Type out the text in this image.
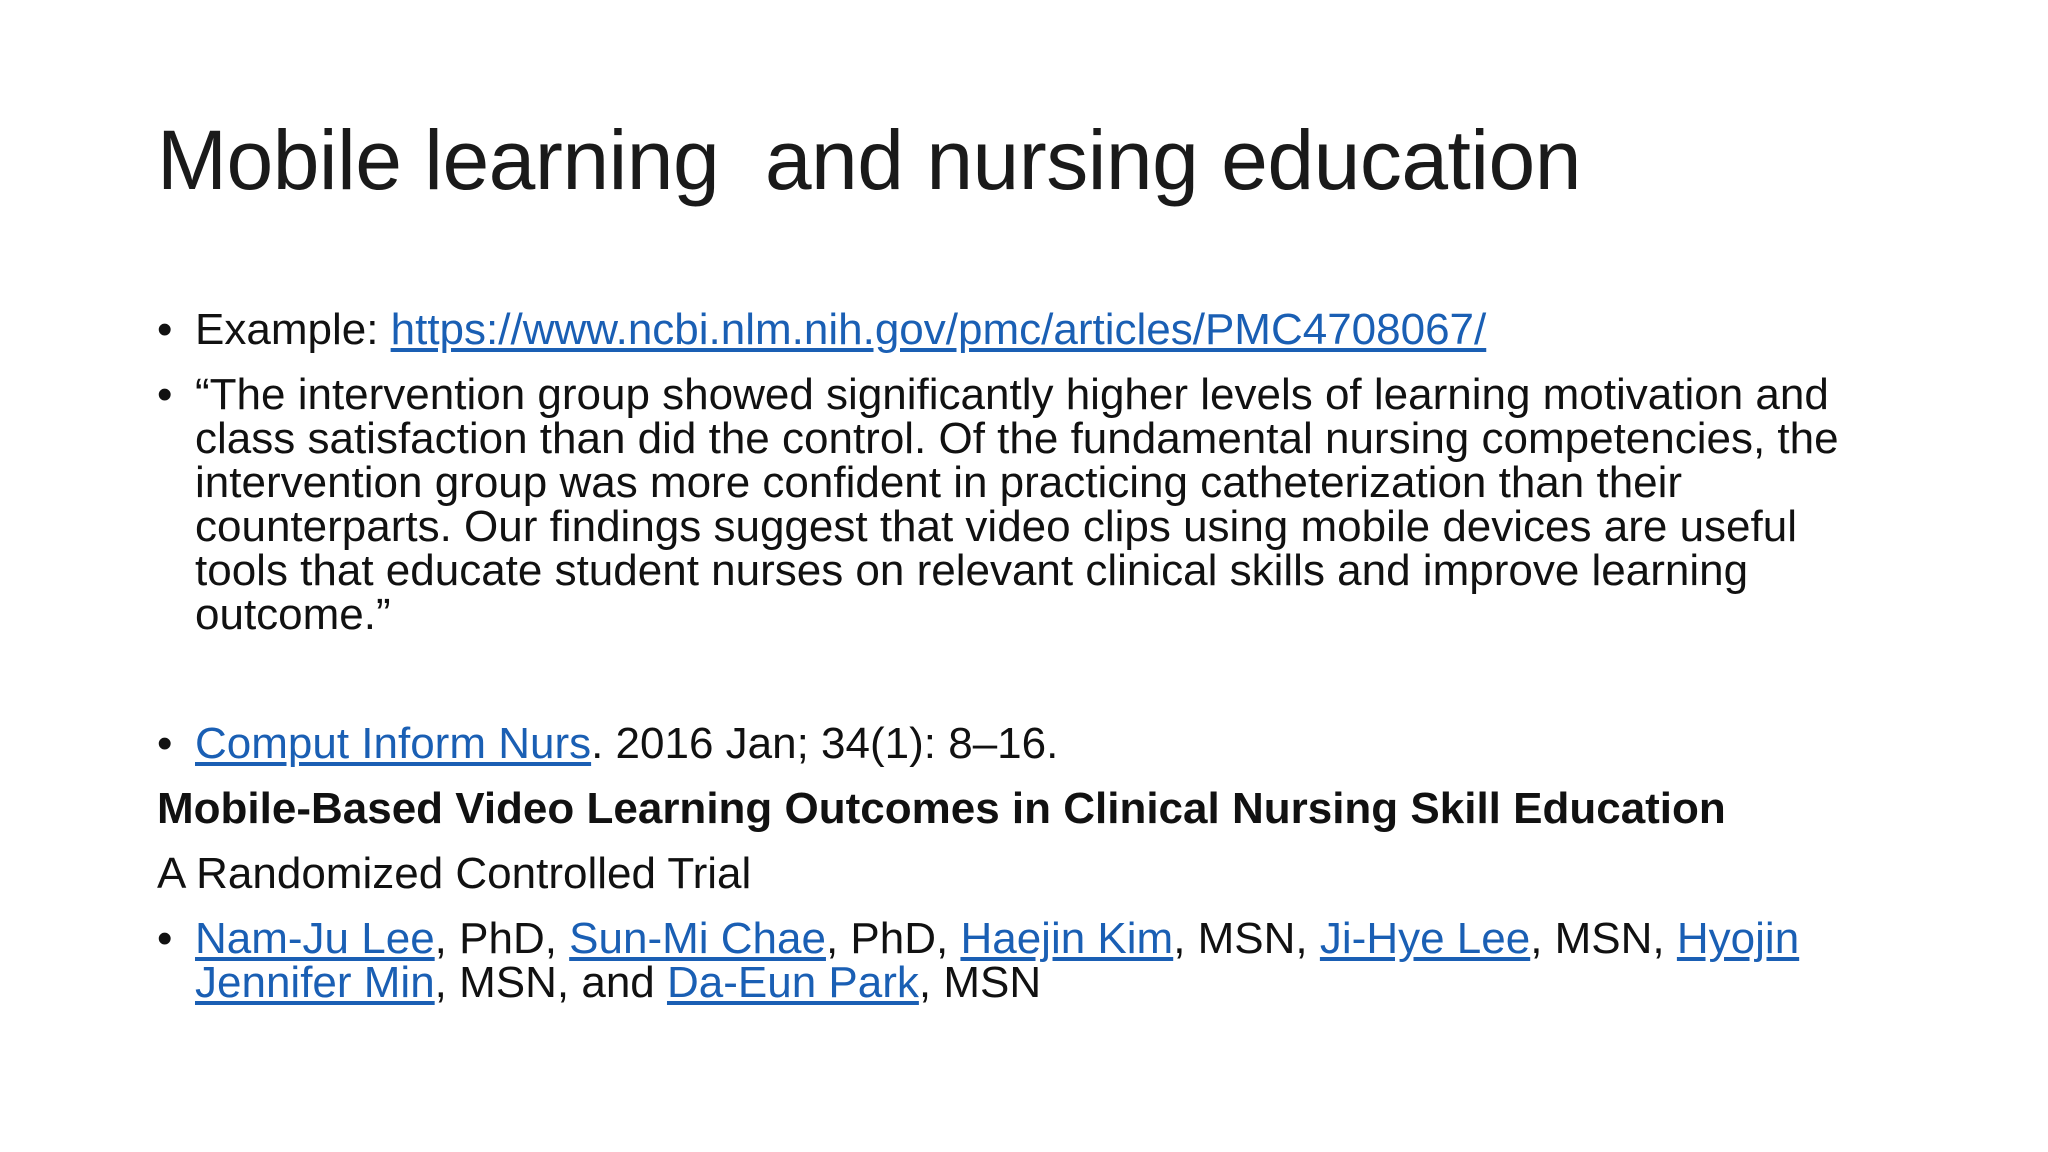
Mobile learning  and nursing education
• Example: https://www.ncbi.nlm.nih.gov/pmc/articles/PMC4708067/
• “The intervention group showed significantly higher levels of learning motivation and class satisfaction than did the control. Of the fundamental nursing competencies, the intervention group was more confident in practicing catheterization than their counterparts. Our findings suggest that video clips using mobile devices are useful tools that educate student nurses on relevant clinical skills and improve learning outcome.”
• Comput Inform Nurs. 2016 Jan; 34(1): 8–16.
Mobile-Based Video Learning Outcomes in Clinical Nursing Skill Education
A Randomized Controlled Trial
• Nam-Ju Lee, PhD, Sun-Mi Chae, PhD, Haejin Kim, MSN, Ji-Hye Lee, MSN, Hyojin Jennifer Min, MSN, and Da-Eun Park, MSN
